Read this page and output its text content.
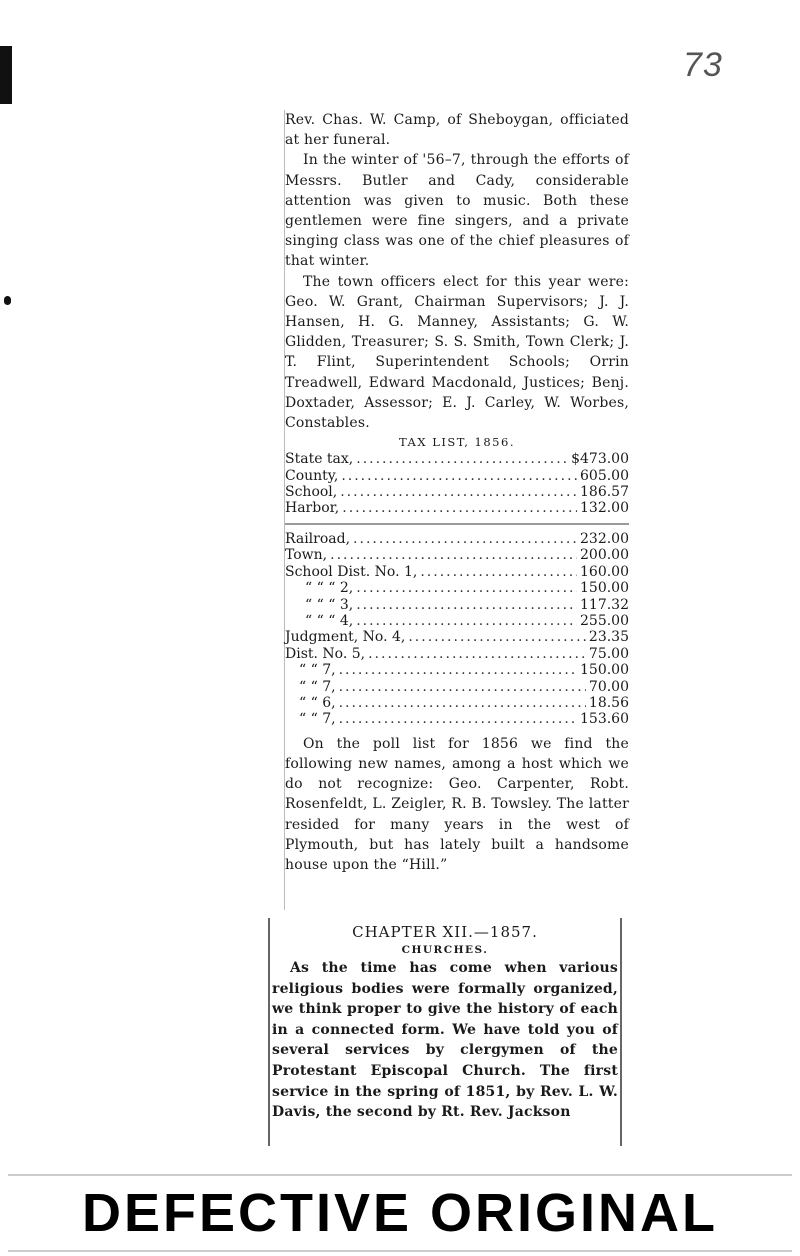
73

Rev. Chas. W. Camp, of Sheboygan, officiated at her funeral.

In the winter of '56–7, through the efforts of Messrs. Butler and Cady, considerable attention was given to music. Both these gentlemen were fine singers, and a private singing class was one of the chief pleasures of that winter.

The town officers elect for this year were: Geo. W. Grant, Chairman Supervisors; J. J. Hansen, H. G. Manney, Assistants; G. W. Glidden, Treasurer; S. S. Smith, Town Clerk; J. T. Flint, Superintendent Schools; Orrin Treadwell, Edward Macdonald, Justices; Benj. Doxtader, Assessor; E. J. Carley, W. Worbes, Constables.

TAX LIST, 1856.
State tax, .....	$473.00
County, .....	605.00
School, .....	186.57
Harbor, .....	132.00
Railroad, .....	232.00
Town, .....	200.00
School Dist. No. 1, .....	160.00
“ “ “ 2, .....	150.00
“ “ “ 3, .....	117.32
“ “ “ 4, .....	255.00
Judgment, No. 4, .....	23.35
Dist. No. 5, .....	75.00
“ “ 7, .....	150.00
“ “ 7, .....	70.00
“ “ 6, .....	18.56
“ “ 7, .....	153.60

On the poll list for 1856 we find the following new names, among a host which we do not recognize: Geo. Carpenter, Robt. Rosenfeldt, L. Zeigler, R. B. Towsley. The latter resided for many years in the west of Plymouth, but has lately built a handsome house upon the “Hill.”

CHAPTER XII.—1857.
CHURCHES.

As the time has come when various religious bodies were formally organized, we think proper to give the history of each in a connected form. We have told you of several services by clergymen of the Protestant Episcopal Church. The first service in the spring of 1851, by Rev. L. W. Davis, the second by Rt. Rev. Jackson

DEFECTIVE ORIGINAL
